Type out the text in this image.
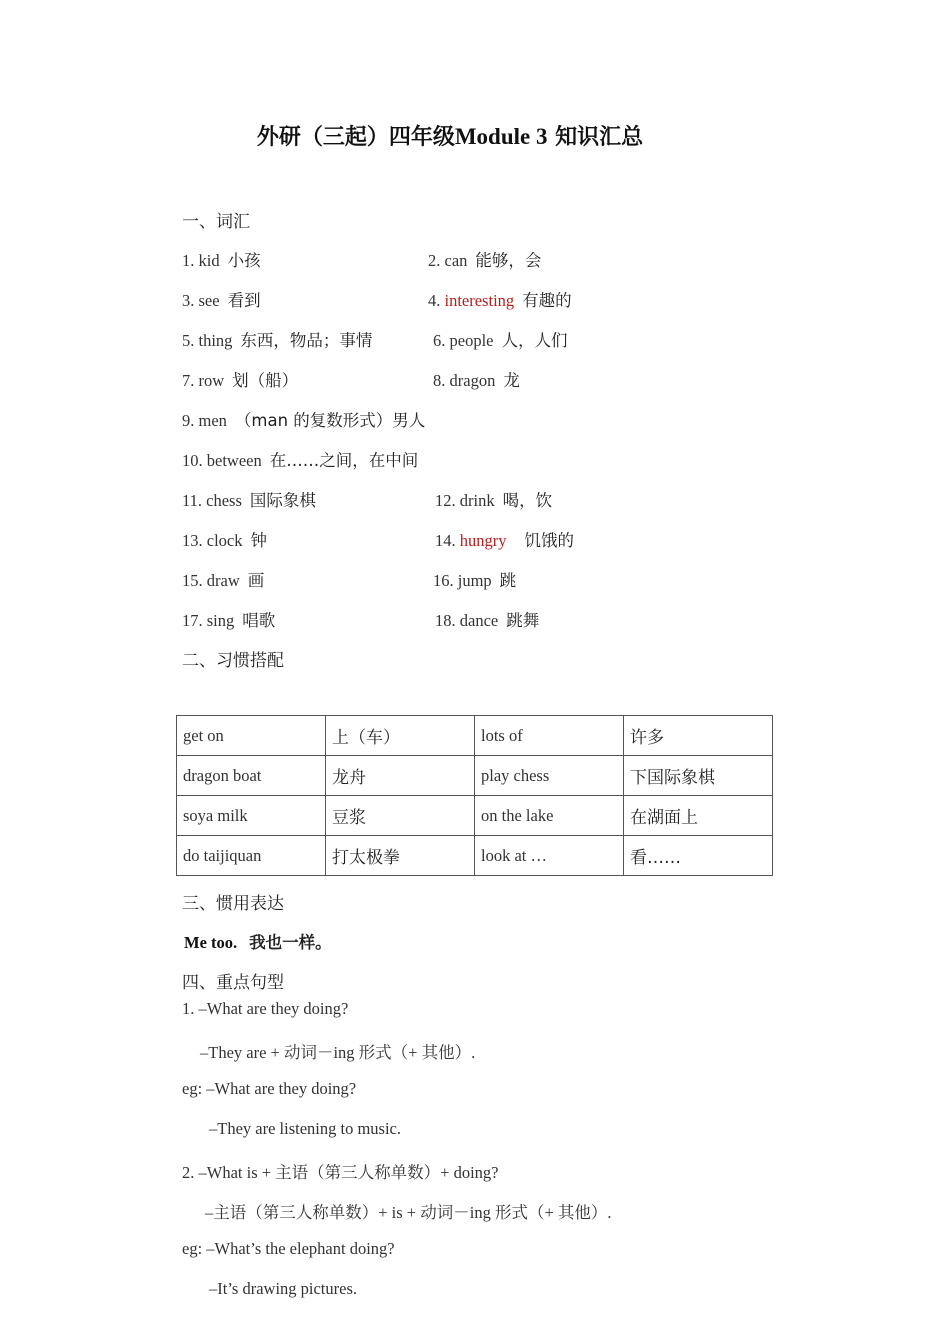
外研（三起）四年级Module 3 知识汇总
一、词汇
1. kid 小孩	2. can 能够，会
3. see 看到	4. interesting 有趣的
5. thing 东西，物品；事情	6. people 人，人们
7. row 划（船）	8. dragon 龙
9. men （man 的复数形式）男人
10. between 在……之间，在中间
11. chess 国际象棋	12. drink 喝，饮
13. clock 钟	14. hungry 饥饿的
15. draw 画	16. jump 跳
17. sing 唱歌	18. dance 跳舞
二、习惯搭配
get on	上（车）	lots of	许多
dragon boat	龙舟	play chess	下国际象棋
soya milk	豆浆	on the lake	在湖面上
do taijiquan	打太极拳	look at …	看……
三、惯用表达
Me too. 我也一样。
四、重点句型
1. –What are they doing?
–They are + 动词－ing 形式（+ 其他）.
eg: –What are they doing?
–They are listening to music.
2. –What is + 主语（第三人称单数）+ doing?
–主语（第三人称单数）+ is + 动词－ing 形式（+ 其他）.
eg: –What’s the elephant doing?
–It’s drawing pictures.
